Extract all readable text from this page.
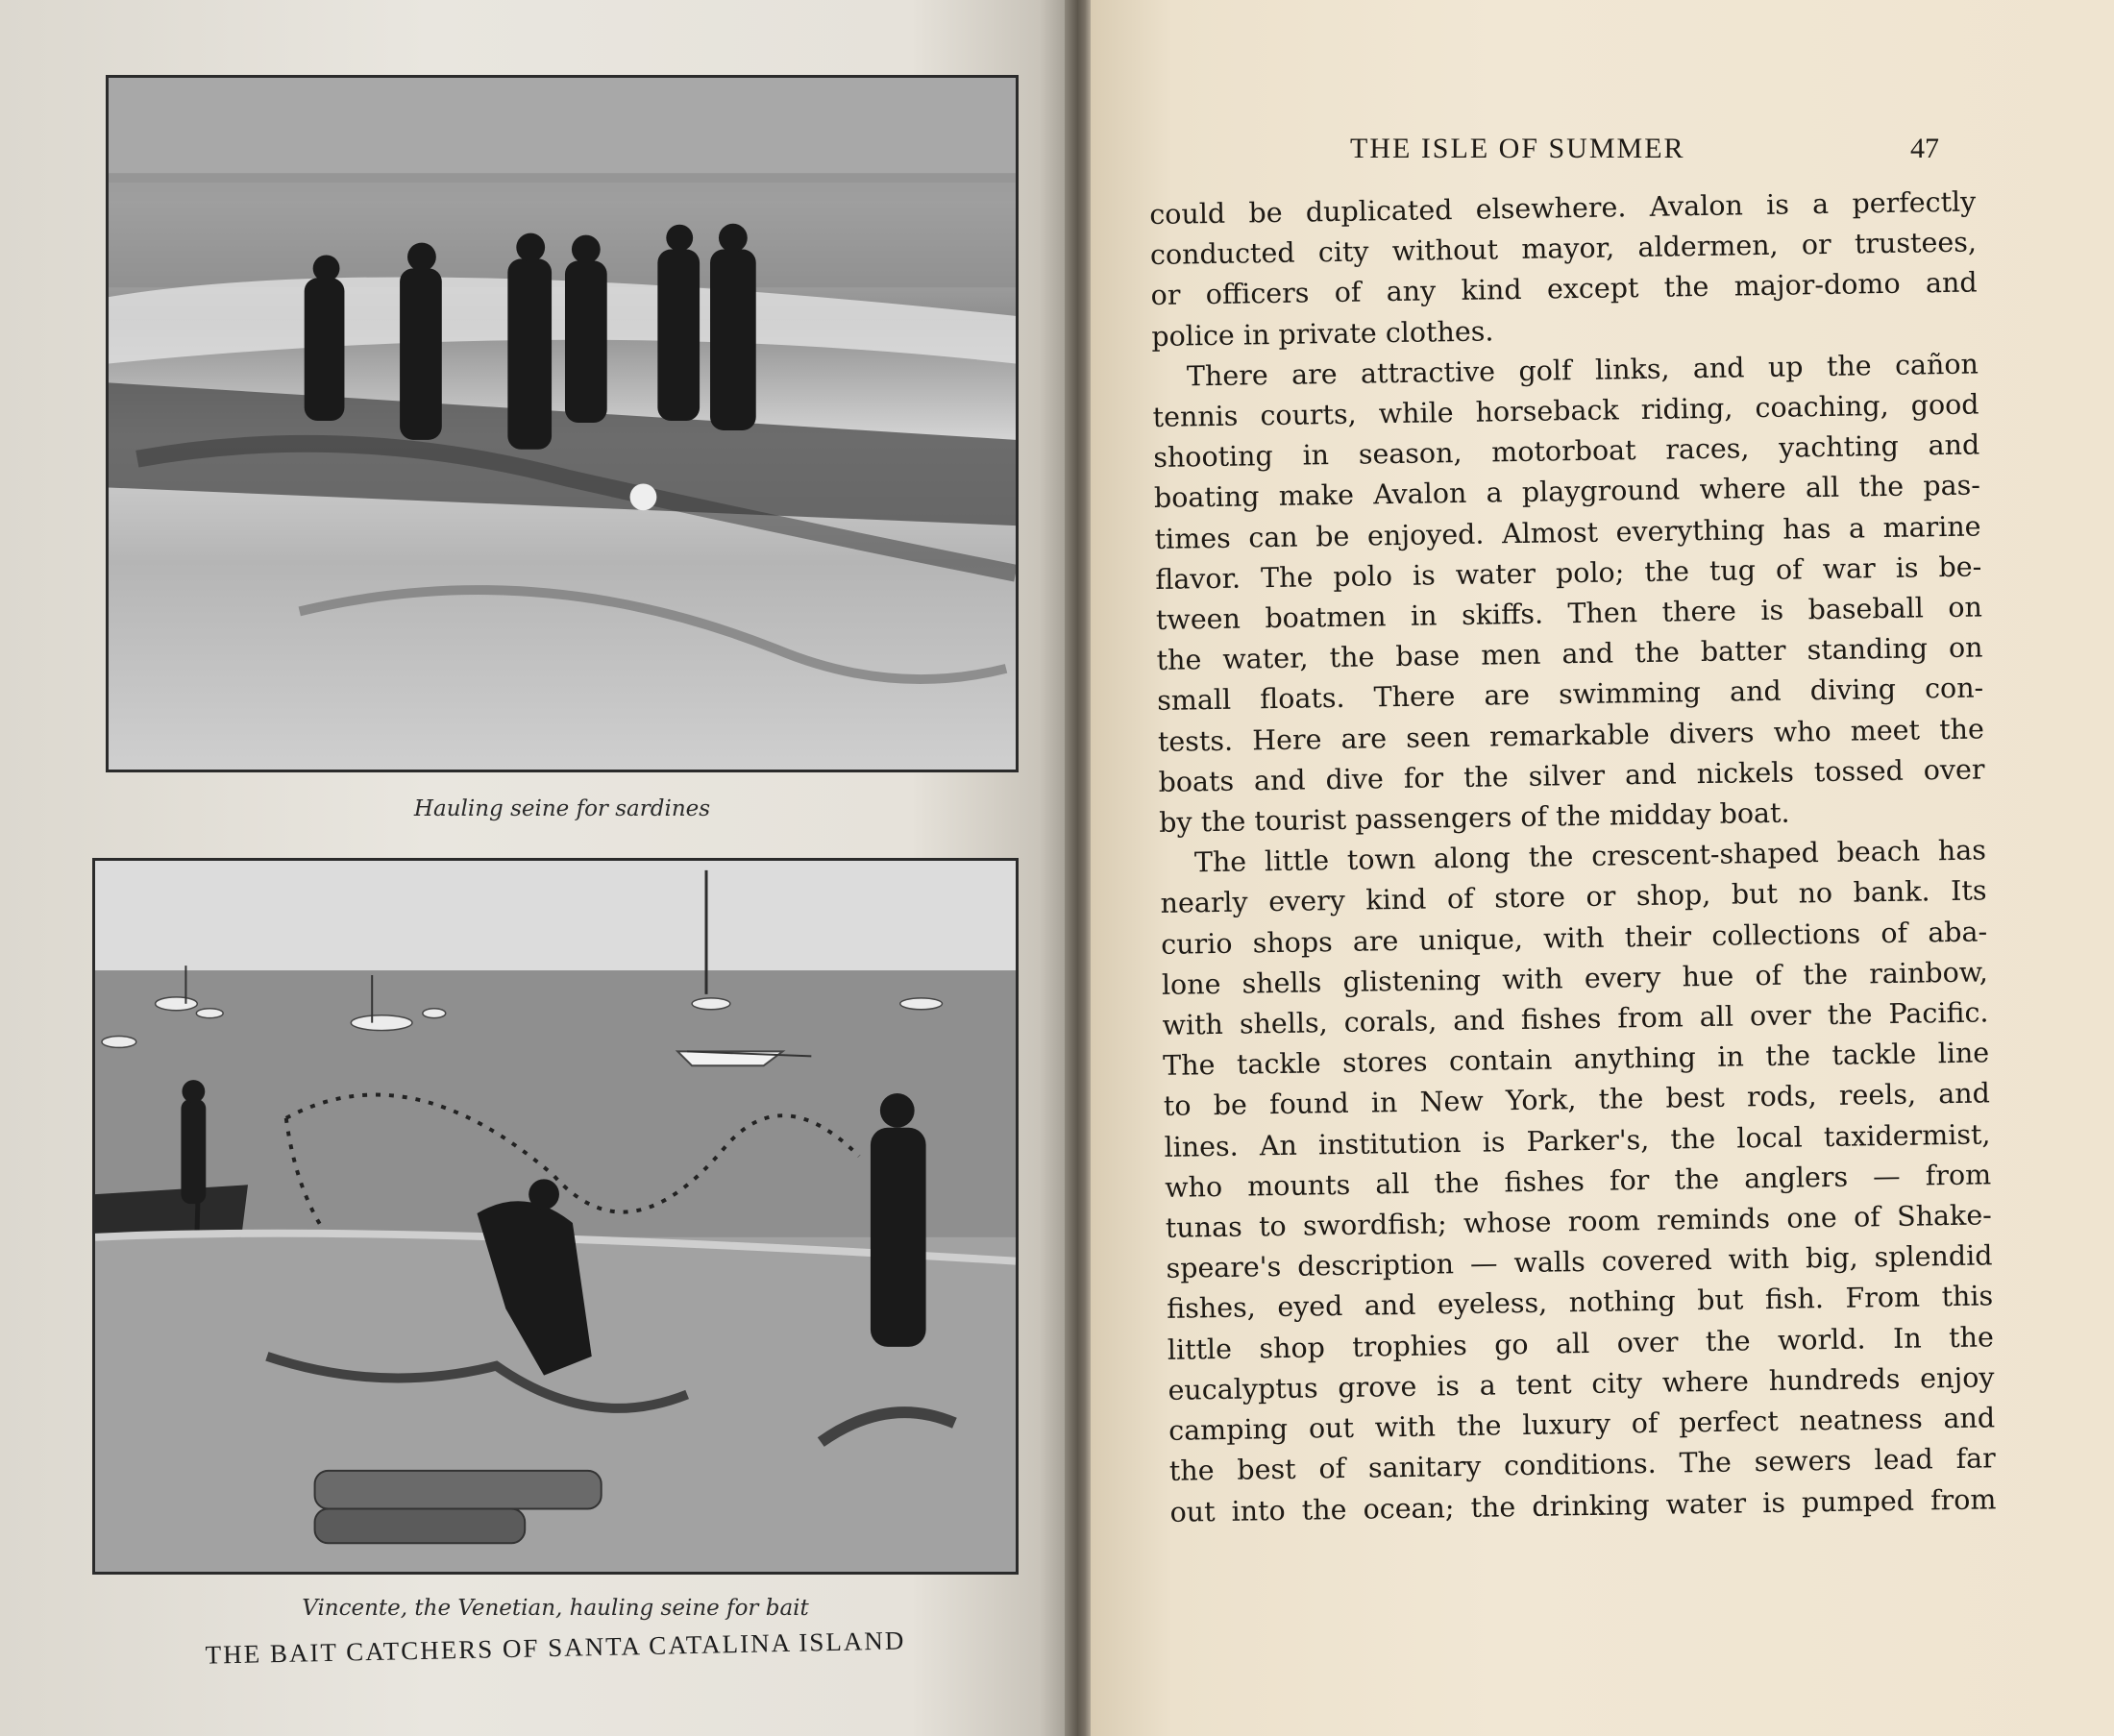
Hauling seine for sardines
Vincente, the Venetian, hauling seine for bait
THE BAIT CATCHERS OF SANTA CATALINA ISLAND
THE ISLE OF SUMMER	47
could be duplicated elsewhere. Avalon is a perfectly
conducted city without mayor, aldermen, or trustees,
or officers of any kind except the major-domo and
police in private clothes.
There are attractive golf links, and up the cañon
tennis courts, while horseback riding, coaching, good
shooting in season, motorboat races, yachting and
boating make Avalon a playground where all the pas-
times can be enjoyed. Almost everything has a marine
flavor. The polo is water polo; the tug of war is be-
tween boatmen in skiffs. Then there is baseball on
the water, the base men and the batter standing on
small floats. There are swimming and diving con-
tests. Here are seen remarkable divers who meet the
boats and dive for the silver and nickels tossed over
by the tourist passengers of the midday boat.
The little town along the crescent-shaped beach has
nearly every kind of store or shop, but no bank. Its
curio shops are unique, with their collections of aba-
lone shells glistening with every hue of the rainbow,
with shells, corals, and fishes from all over the Pacific.
The tackle stores contain anything in the tackle line
to be found in New York, the best rods, reels, and
lines. An institution is Parker's, the local taxidermist,
who mounts all the fishes for the anglers — from
tunas to swordfish; whose room reminds one of Shake-
speare's description — walls covered with big, splendid
fishes, eyed and eyeless, nothing but fish. From this
little shop trophies go all over the world. In the
eucalyptus grove is a tent city where hundreds enjoy
camping out with the luxury of perfect neatness and
the best of sanitary conditions. The sewers lead far
out into the ocean; the drinking water is pumped from
